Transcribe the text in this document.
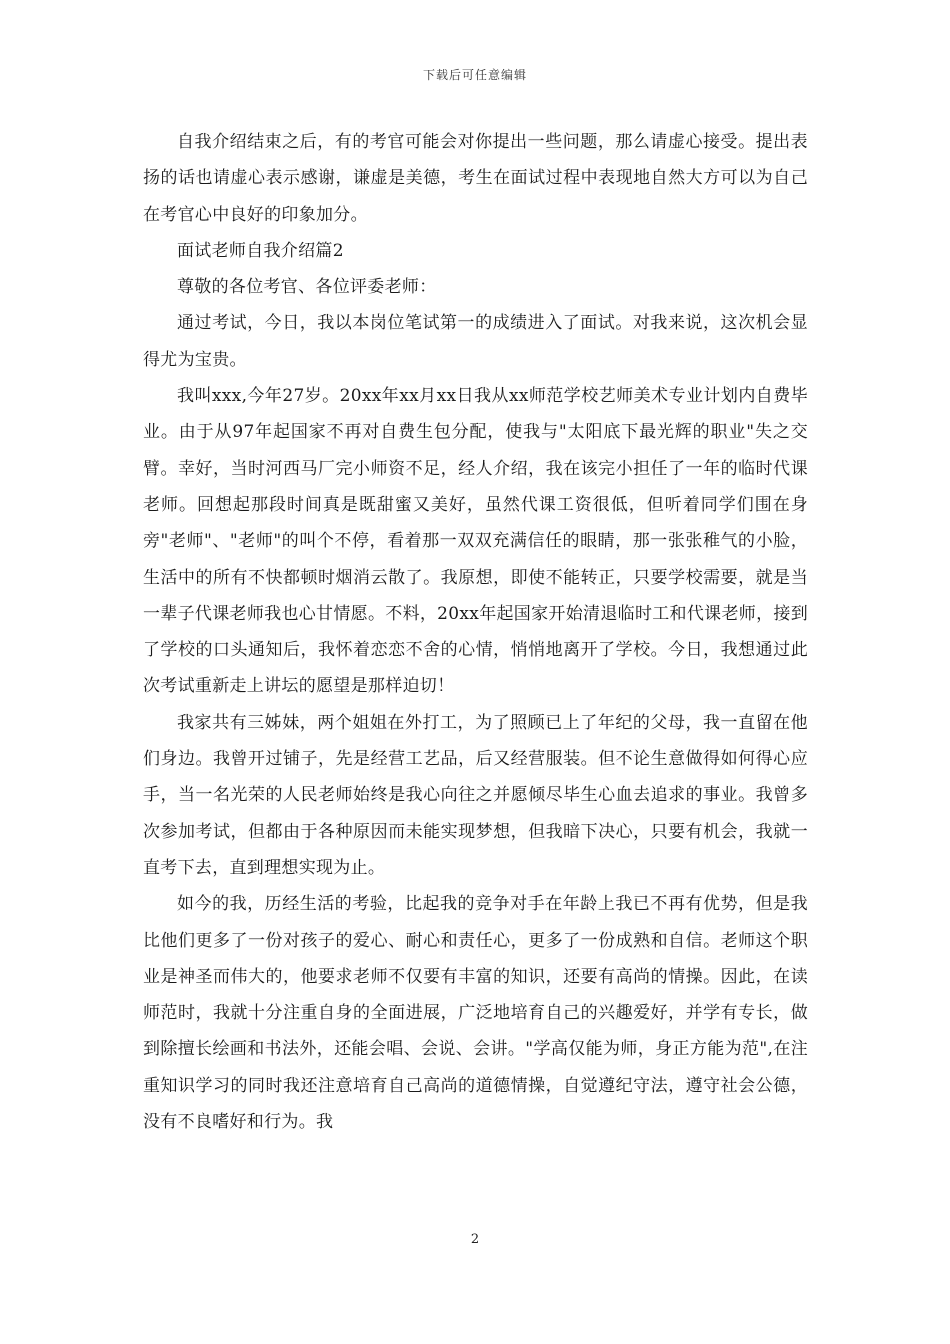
下载后可任意编辑

自我介绍结束之后，有的考官可能会对你提出一些问题，那么请虚心接受。提出表扬的话也请虚心表示感谢，谦虚是美德，考生在面试过程中表现地自然大方可以为自己在考官心中良好的印象加分。

面试老师自我介绍篇2

尊敬的各位考官、各位评委老师：

通过考试，今日，我以本岗位笔试第一的成绩进入了面试。对我来说，这次机会显得尤为宝贵。

我叫xxx,今年27岁。20xx年xx月xx日我从xx师范学校艺师美术专业计划内自费毕业。由于从97年起国家不再对自费生包分配，使我与"太阳底下最光辉的职业"失之交臂。幸好，当时河西马厂完小师资不足，经人介绍，我在该完小担任了一年的临时代课老师。回想起那段时间真是既甜蜜又美好，虽然代课工资很低，但听着同学们围在身旁"老师"、"老师"的叫个不停，看着那一双双充满信任的眼睛，那一张张稚气的小脸，生活中的所有不快都顿时烟消云散了。我原想，即使不能转正，只要学校需要，就是当一辈子代课老师我也心甘情愿。不料，20xx年起国家开始清退临时工和代课老师，接到了学校的口头通知后，我怀着恋恋不舍的心情，悄悄地离开了学校。今日，我想通过此次考试重新走上讲坛的愿望是那样迫切！

我家共有三姊妹，两个姐姐在外打工，为了照顾已上了年纪的父母，我一直留在他们身边。我曾开过铺子，先是经营工艺品，后又经营服装。但不论生意做得如何得心应手，当一名光荣的人民老师始终是我心向往之并愿倾尽毕生心血去追求的事业。我曾多次参加考试，但都由于各种原因而未能实现梦想，但我暗下决心，只要有机会，我就一直考下去，直到理想实现为止。

如今的我，历经生活的考验，比起我的竞争对手在年龄上我已不再有优势，但是我比他们更多了一份对孩子的爱心、耐心和责任心，更多了一份成熟和自信。老师这个职业是神圣而伟大的，他要求老师不仅要有丰富的知识，还要有高尚的情操。因此，在读师范时，我就十分注重自身的全面进展，广泛地培育自己的兴趣爱好，并学有专长，做到除擅长绘画和书法外，还能会唱、会说、会讲。"学高仅能为师，身正方能为范",在注重知识学习的同时我还注意培育自己高尚的道德情操，自觉遵纪守法，遵守社会公德，没有不良嗜好和行为。我

2
